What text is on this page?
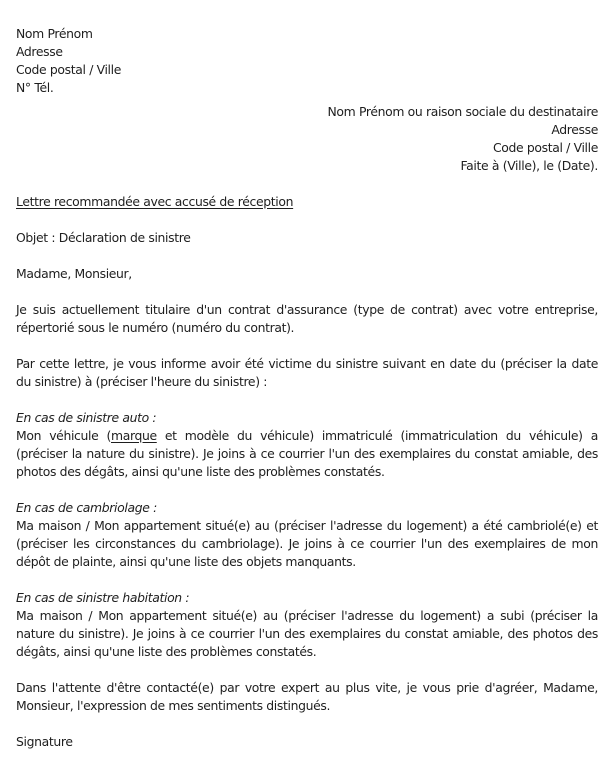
Nom Prénom
Adresse
Code postal / Ville
N° Tél.
Nom Prénom ou raison sociale du destinataire
Adresse
Code postal / Ville
Faite à (Ville), le (Date).
Lettre recommandée avec accusé de réception
Objet : Déclaration de sinistre
Madame, Monsieur,

Je suis actuellement titulaire d'un contrat d'assurance (type de contrat) avec votre entreprise, répertorié sous le numéro (numéro du contrat).

Par cette lettre, je vous informe avoir été victime du sinistre suivant en date du (préciser la date du sinistre) à (préciser l'heure du sinistre) :

En cas de sinistre auto :

Mon véhicule (marque et modèle du véhicule) immatriculé (immatriculation du véhicule) a (préciser la nature du sinistre). Je joins à ce courrier l'un des exemplaires du constat amiable, des photos des dégâts, ainsi qu'une liste des problèmes constatés.

En cas de cambriolage :

Ma maison / Mon appartement situé(e) au (préciser l'adresse du logement) a été cambriolé(e) et (préciser les circonstances du cambriolage). Je joins à ce courrier l'un des exemplaires de mon dépôt de plainte, ainsi qu'une liste des objets manquants.

En cas de sinistre habitation :

Ma maison / Mon appartement situé(e) au (préciser l'adresse du logement) a subi (préciser la nature du sinistre). Je joins à ce courrier l'un des exemplaires du constat amiable, des photos des dégâts, ainsi qu'une liste des problèmes constatés.

Dans l'attente d'être contacté(e) par votre expert au plus vite, je vous prie d'agréer, Madame, Monsieur, l'expression de mes sentiments distingués.

Signature
